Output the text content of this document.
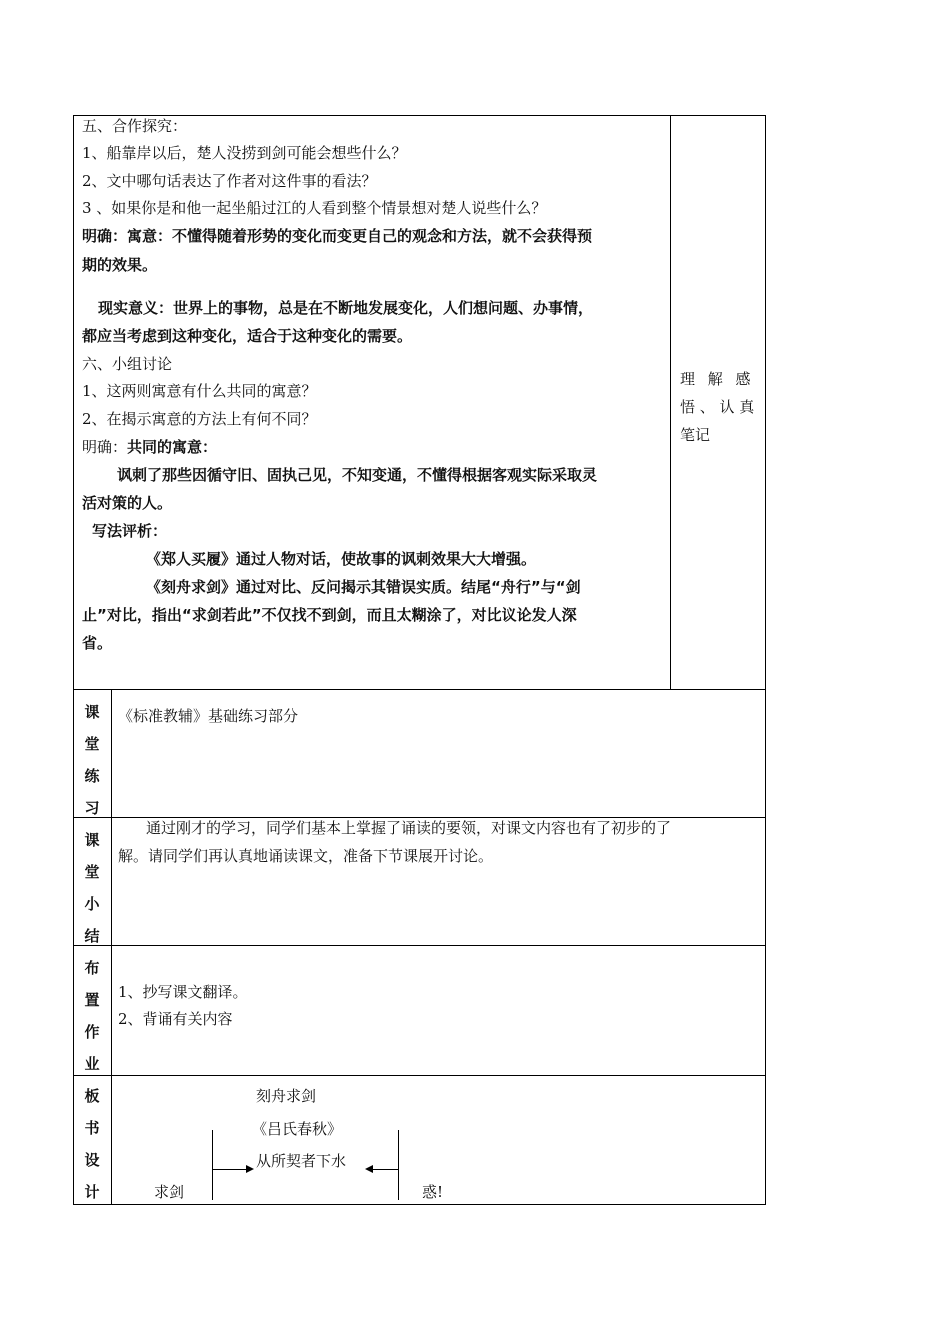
五、合作探究：
1、船靠岸以后，楚人没捞到剑可能会想些什么？
2、文中哪句话表达了作者对这件事的看法？
3 、如果你是和他一起坐船过江的人看到整个情景想对楚人说些什么？
明确：寓意：不懂得随着形势的变化而变更自己的观念和方法，就不会获得预
期的效果。
现实意义：世界上的事物，总是在不断地发展变化，人们想问题、办事情，
都应当考虑到这种变化，适合于这种变化的需要。
六、小组讨论
1、这两则寓意有什么共同的寓意？
2、在揭示寓意的方法上有何不同？
明确：共同的寓意：
讽刺了那些因循守旧、固执己见，不知变通，不懂得根据客观实际采取灵
活对策的人。
写法评析：
《郑人买履》通过人物对话，使故事的讽刺效果大大增强。
《刻舟求剑》通过对比、反问揭示其错误实质。结尾“舟行”与“剑
止”对比，指出“求剑若此”不仅找不到剑，而且太糊涂了，对比议论发人深
省。
理 解 感
悟 、 认 真
笔记
课
堂
练
习
《标准教辅》基础练习部分
课
堂
小
结
通过刚才的学习，同学们基本上掌握了诵读的要领，对课文内容也有了初步的了
解。请同学们再认真地诵读课文，准备下节课展开讨论。
布
置
作
业
1、抄写课文翻译。
2、背诵有关内容
板
书
设
计
刻舟求剑
《吕氏春秋》
从所契者下水
求剑	惑!
